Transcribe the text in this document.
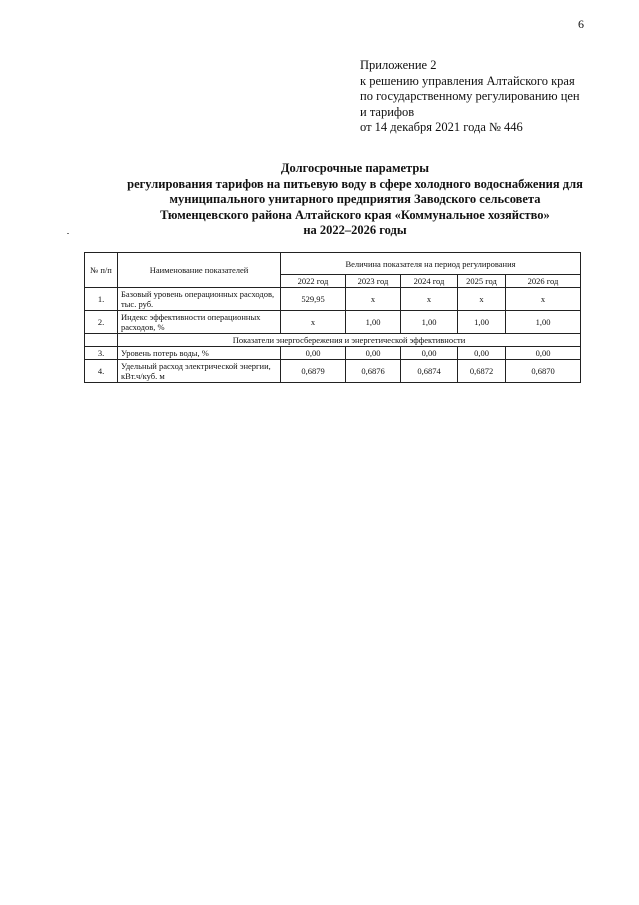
6
Приложение 2
к решению управления Алтайского края
по государственному регулированию цен
и тарифов
от 14 декабря 2021 года № 446
Долгосрочные параметры
регулирования тарифов на питьевую воду в сфере холодного водоснабжения для
муниципального унитарного предприятия Заводского сельсовета
Тюменцевского района Алтайского края «Коммунальное хозяйство»
на 2022–2026 годы
№ п/п	Наименование показателей	Величина показателя на период регулирования				
		2022 год	2023 год	2024 год	2025 год	2026 год
1.	Базовый уровень операционных расходов, тыс. руб.	529,95	x	x	x	x
2.	Индекс эффективности операционных расходов, %	x	1,00	1,00	1,00	1,00
	Показатели энергосбережения и энергетической эффективности					
3.	Уровень потерь воды, %	0,00	0,00	0,00	0,00	0,00
4.	Удельный расход электрической энергии, кВт.ч/куб. м	0,6879	0,6876	0,6874	0,6872	0,6870
